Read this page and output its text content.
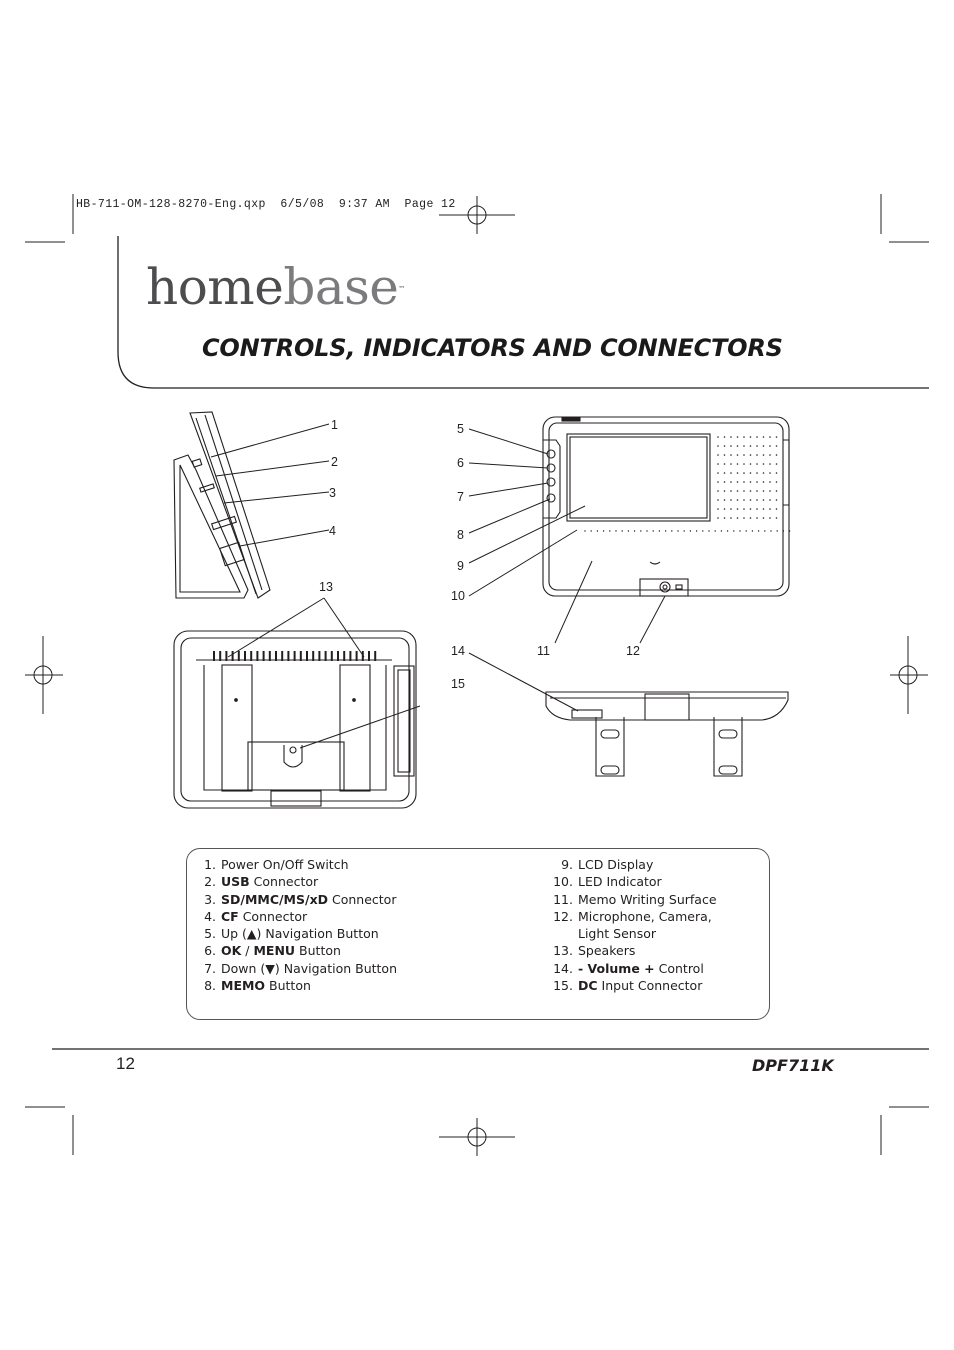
HB-711-OM-128-8270-Eng.qxp  6/5/08  9:37 AM  Page 12
homebase™
CONTROLS, INDICATORS AND CONNECTORS
1
2
3
4
5
6
7
8
9
10
11	12
13
14
15
1. Power On/Off Switch
2. USB Connector
3. SD/MMC/MS/xD Connector
4. CF Connector
5. Up (▲) Navigation Button
6. OK / MENU Button
7. Down (▼) Navigation Button
8. MEMO Button
9. LCD Display
10. LED Indicator
11. Memo Writing Surface
12. Microphone, Camera,
Light Sensor
13. Speakers
14. - Volume + Control
15. DC Input Connector
12	DPF711K
